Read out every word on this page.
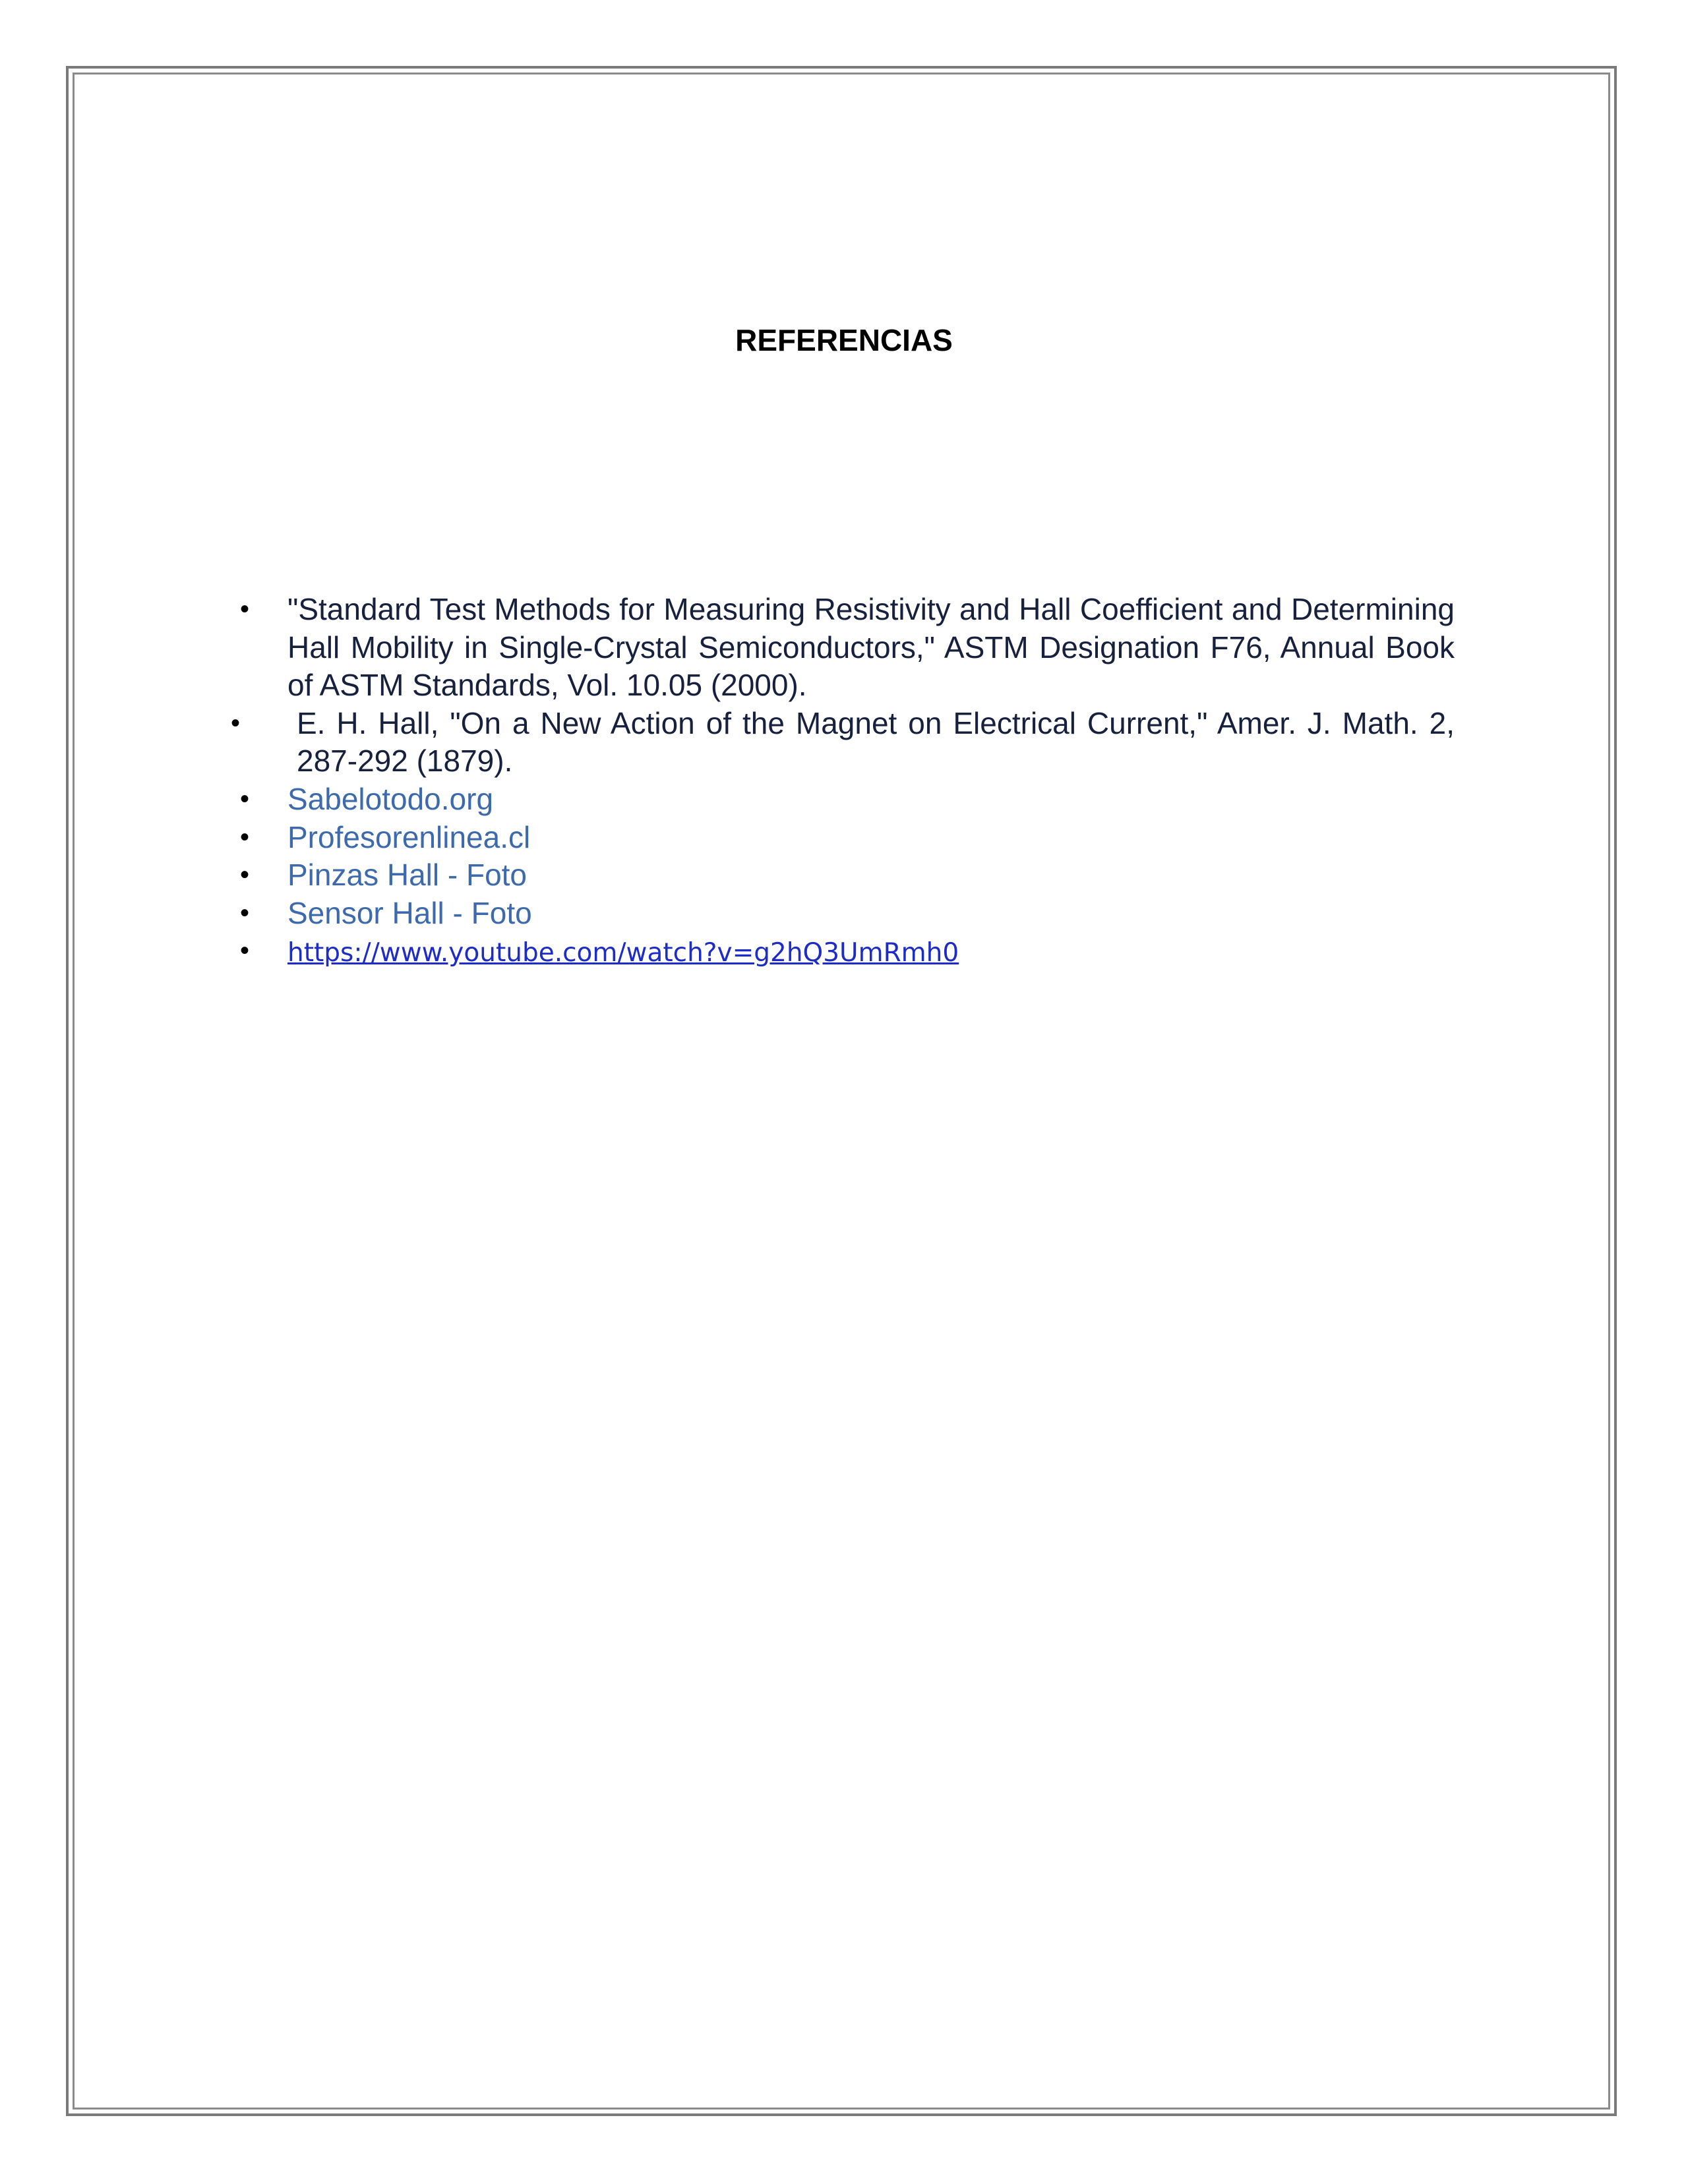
REFERENCIAS
• "Standard Test Methods for Measuring Resistivity and Hall Coefficient and Determining Hall Mobility in Single-Crystal Semiconductors," ASTM Designation F76, Annual Book of ASTM Standards, Vol. 10.05 (2000).
• E. H. Hall, "On a New Action of the Magnet on Electrical Current," Amer. J. Math. 2, 287-292 (1879).
• Sabelotodo.org
• Profesorenlinea.cl
• Pinzas Hall - Foto
• Sensor Hall - Foto
• https://www.youtube.com/watch?v=g2hQ3UmRmh0
